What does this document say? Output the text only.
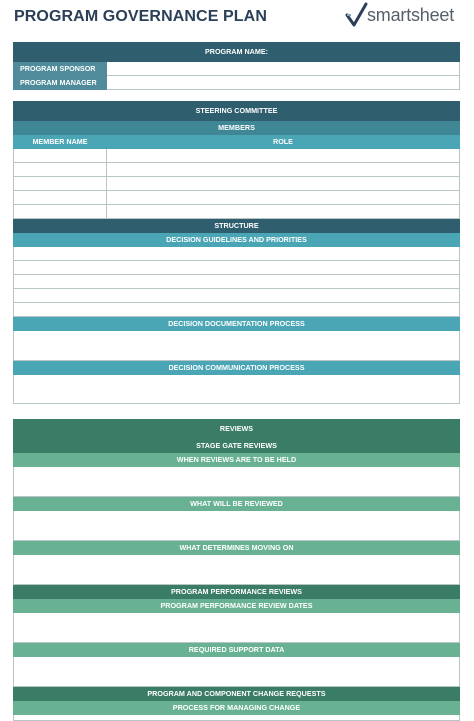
PROGRAM GOVERNANCE PLAN	smartsheet
PROGRAM NAME:	
PROGRAM SPONSOR	
PROGRAM MANAGER	
STEERING COMMITTEE	
MEMBERS	
MEMBER NAME	ROLE

STRUCTURE	
DECISION GUIDELINES AND PRIORITIES	

DECISION DOCUMENTATION PROCESS	

DECISION COMMUNICATION PROCESS	

REVIEWS
STAGE GATE REVIEWS
WHEN REVIEWS ARE TO BE HELD

WHAT WILL BE REVIEWED

WHAT DETERMINES MOVING ON

PROGRAM PERFORMANCE REVIEWS
PROGRAM PERFORMANCE REVIEW DATES

REQUIRED SUPPORT DATA

PROGRAM AND COMPONENT CHANGE REQUESTS
PROCESS FOR MANAGING CHANGE
